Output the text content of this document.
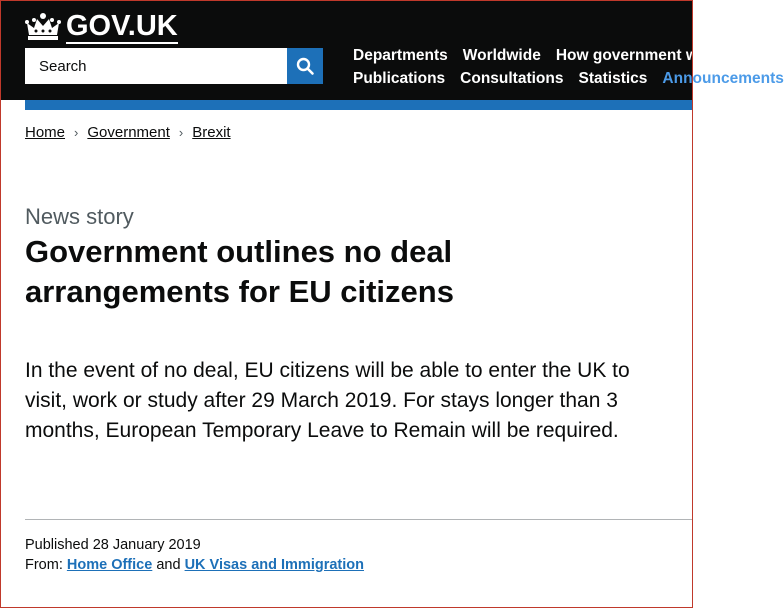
GOV.UK
Search
Departments Worldwide How government works
Publications Consultations Statistics Announcements
Home › Government › Brexit
News story
Government outlines no deal arrangements for EU citizens

In the event of no deal, EU citizens will be able to enter the UK to visit, work or study after 29 March 2019. For stays longer than 3 months, European Temporary Leave to Remain will be required.

Published 28 January 2019
From: Home Office and UK Visas and Immigration
